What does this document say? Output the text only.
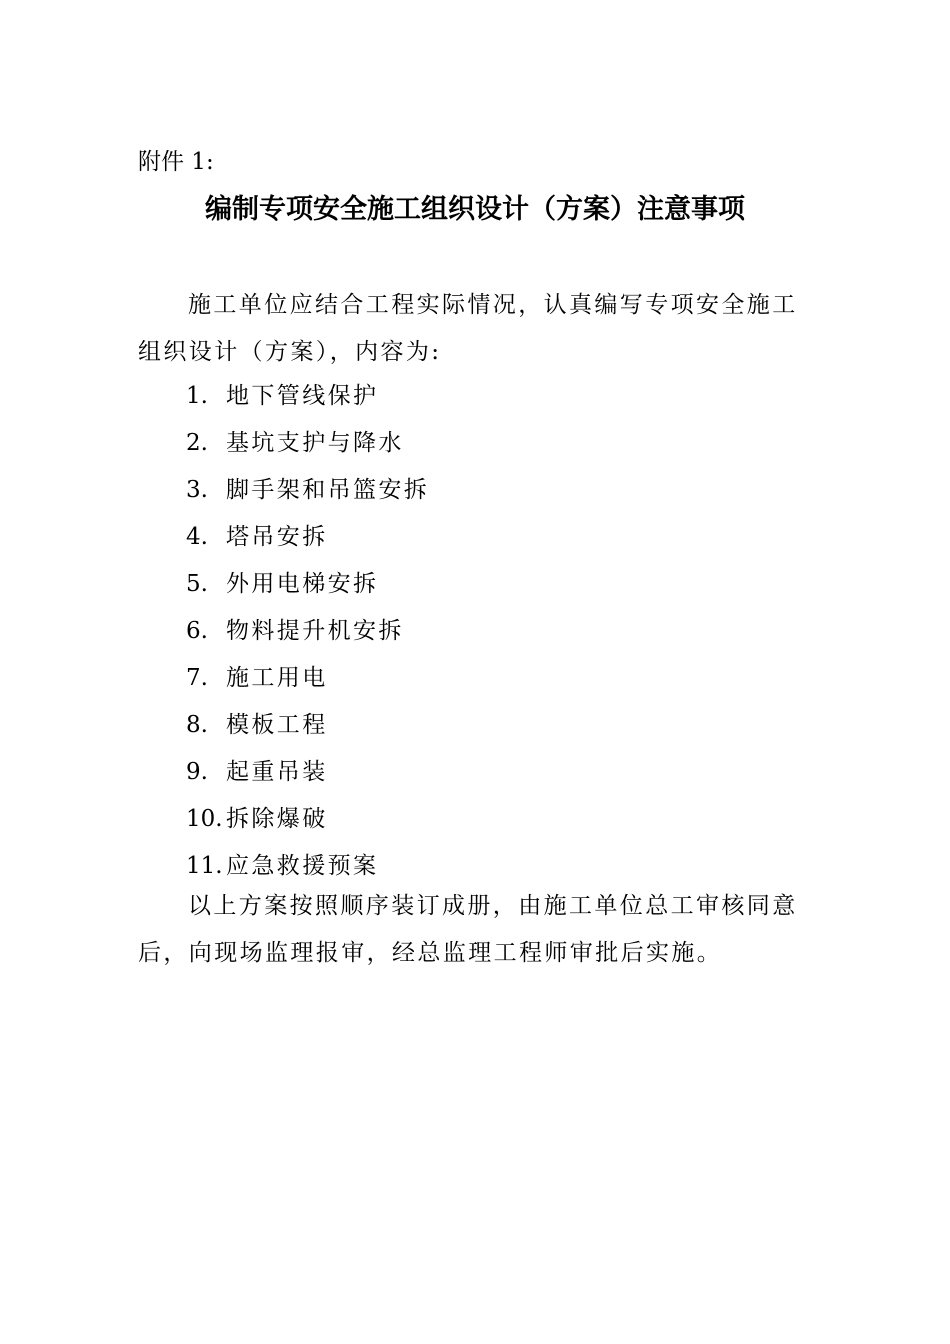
附件 1:
编制专项安全施工组织设计（方案）注意事项

施工单位应结合工程实际情况，认真编写专项安全施工组织设计（方案），内容为:

1. 地下管线保护
2. 基坑支护与降水
3. 脚手架和吊篮安拆
4. 塔吊安拆
5. 外用电梯安拆
6. 物料提升机安拆
7. 施工用电
8. 模板工程
9. 起重吊装
10. 拆除爆破
11. 应急救援预案

以上方案按照顺序装订成册，由施工单位总工审核同意后，向现场监理报审，经总监理工程师审批后实施。
